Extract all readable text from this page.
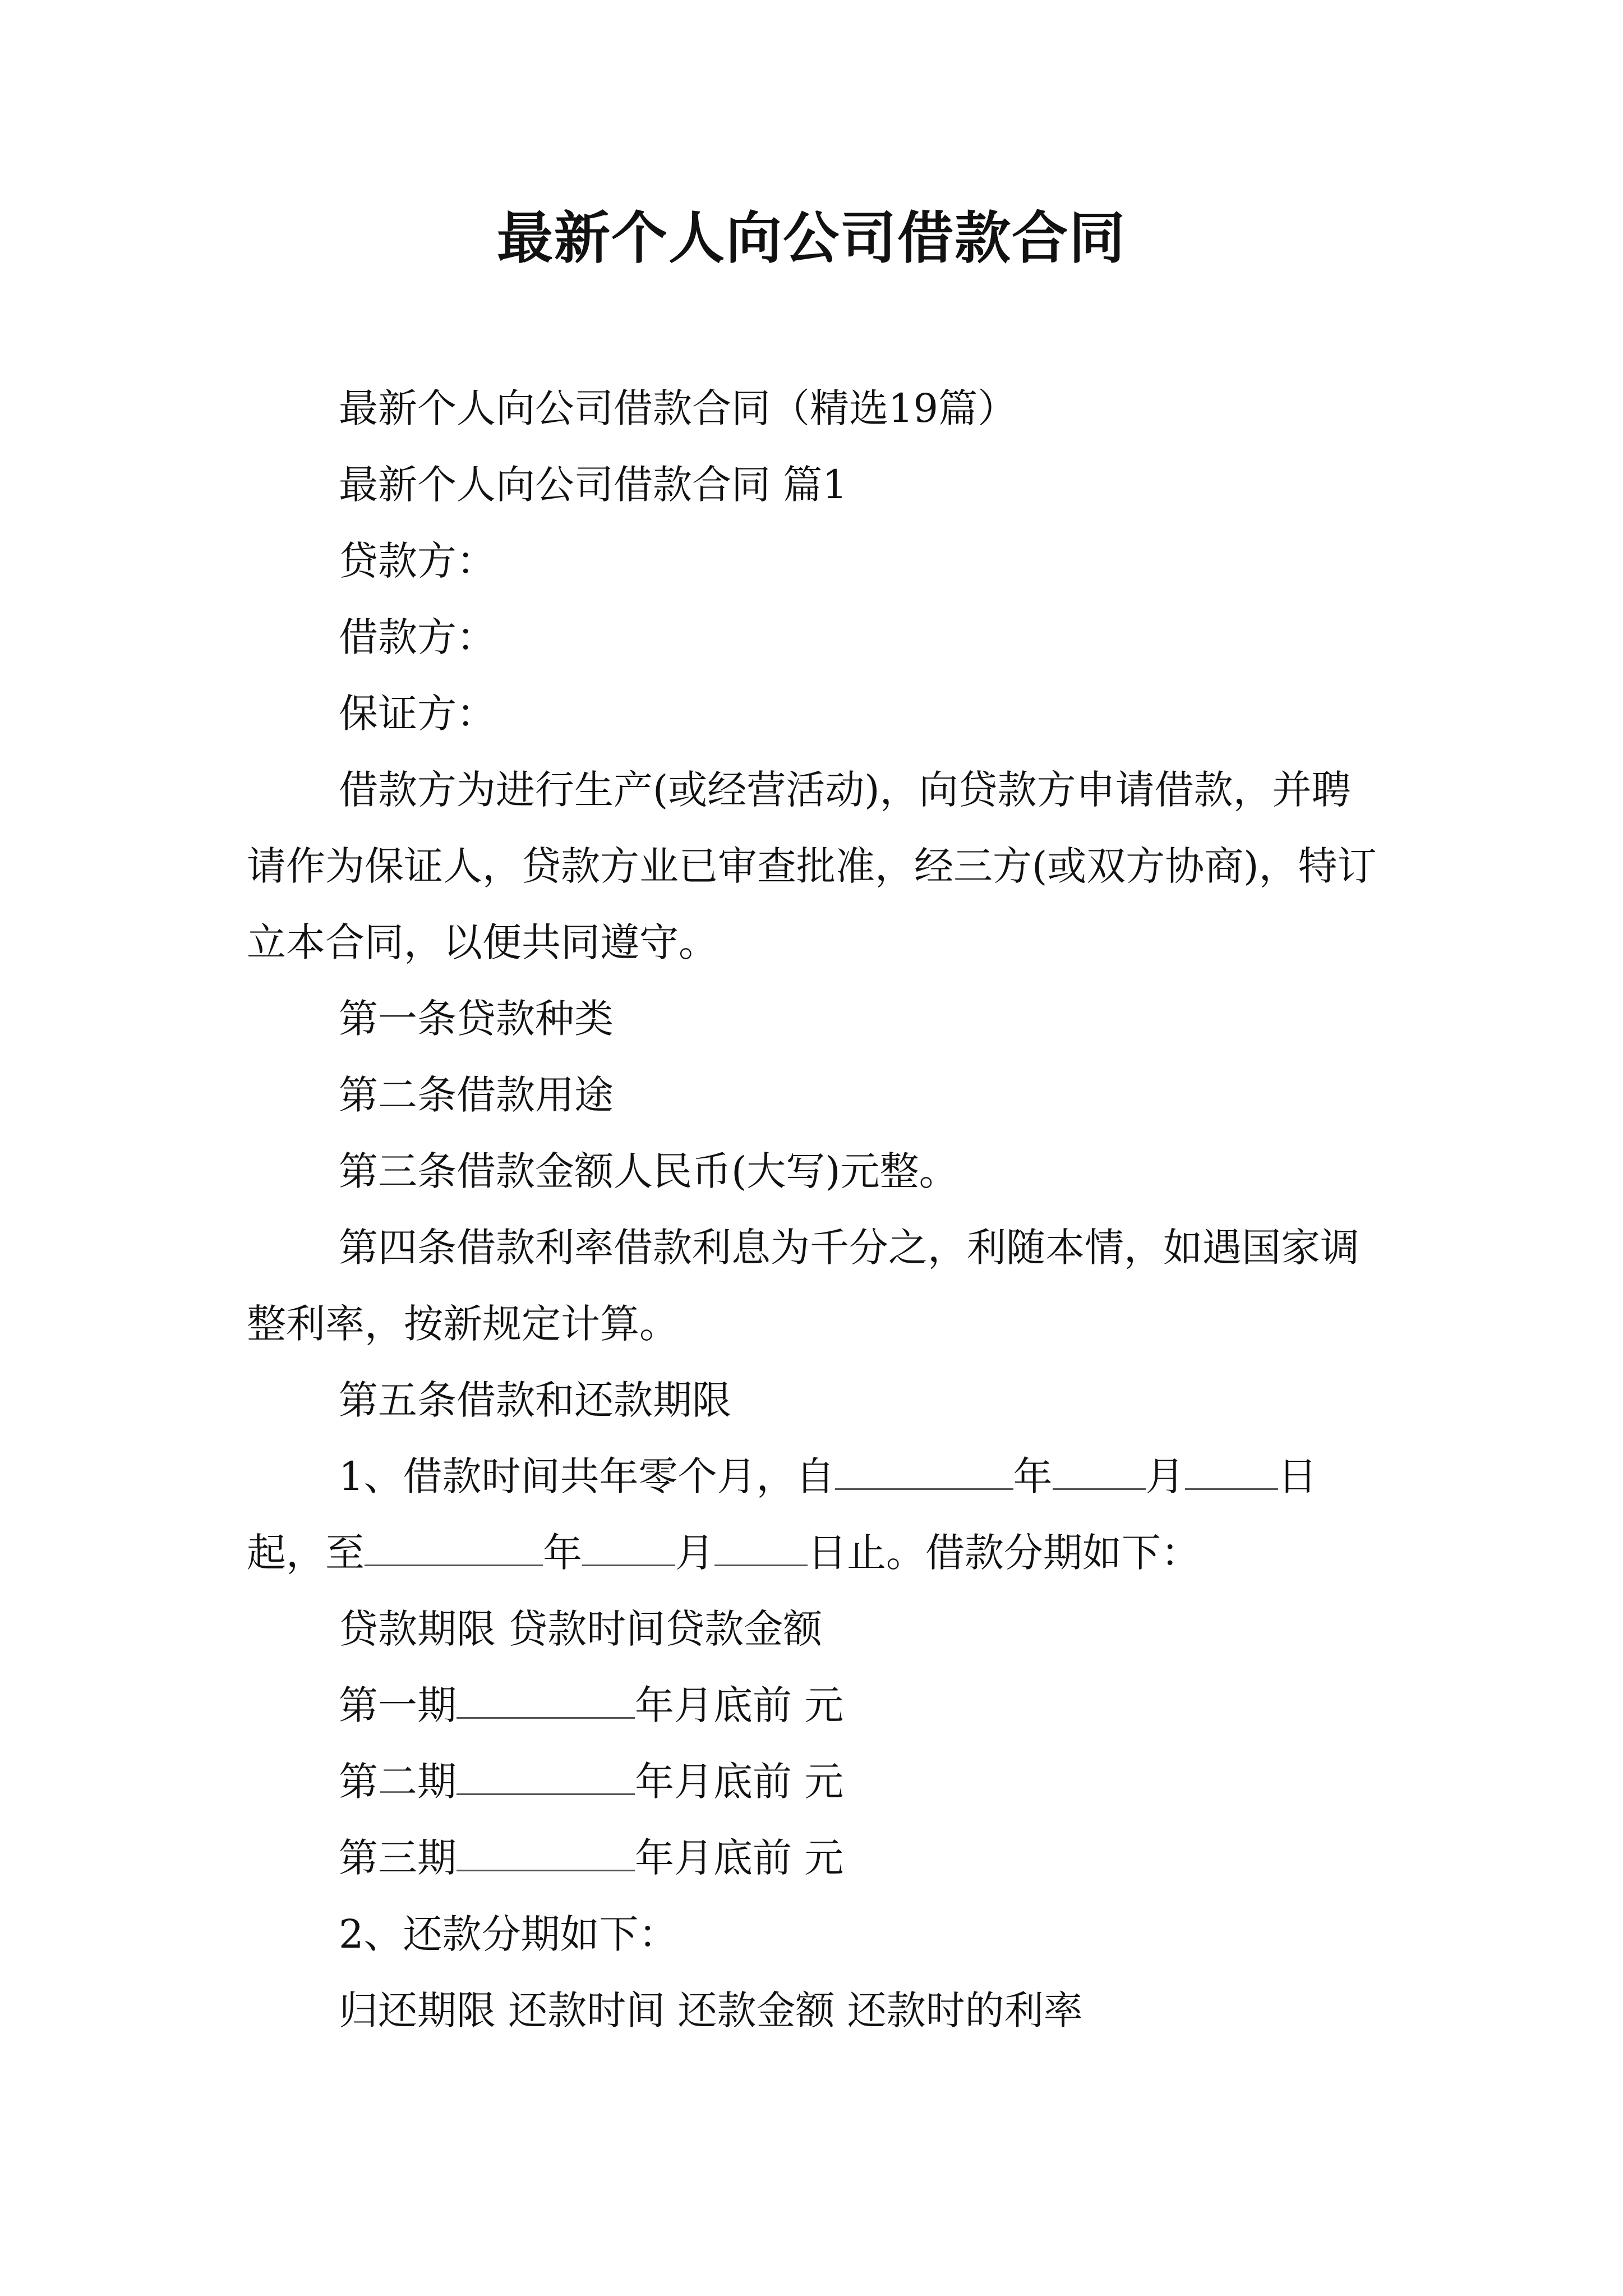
最新个人向公司借款合同

最新个人向公司借款合同（精选19篇）

最新个人向公司借款合同 篇1

贷款方：

借款方：

保证方：

借款方为进行生产(或经营活动)，向贷款方申请借款，并聘请作为保证人，贷款方业已审查批准，经三方(或双方协商)，特订立本合同，以便共同遵守。

第一条贷款种类

第二条借款用途

第三条借款金额人民币(大写)元整。

第四条借款利率借款利息为千分之，利随本情，如遇国家调整利率，按新规定计算。

第五条借款和还款期限

1、借款时间共年零个月，自	年 月 日起，至	年 月 日止。借款分期如下：

贷款期限 贷款时间贷款金额

第一期	年月底前 元

第二期	年月底前 元

第三期	年月底前 元

2、还款分期如下：

归还期限 还款时间 还款金额 还款时的利率
